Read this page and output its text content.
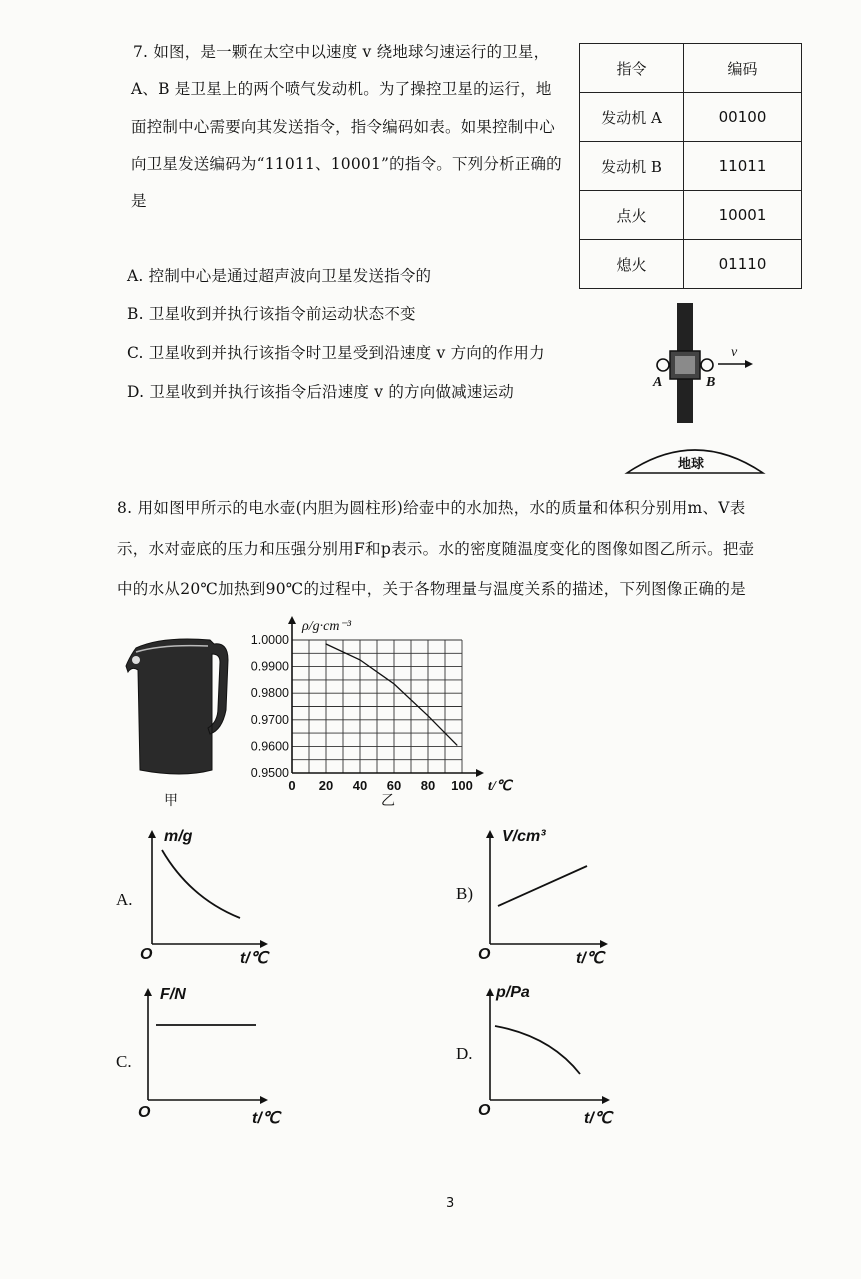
7. 如图，是一颗在太空中以速度 v 绕地球匀速运行的卫星，
A、B 是卫星上的两个喷气发动机。为了操控卫星的运行，地
面控制中心需要向其发送指令，指令编码如表。如果控制中心
向卫星发送编码为“11011、10001”的指令。下列分析正确的
是
A. 控制中心是通过超声波向卫星发送指令的
B. 卫星收到并执行该指令前运动状态不变
C. 卫星收到并执行该指令时卫星受到沿速度 v 方向的作用力
D. 卫星收到并执行该指令后沿速度 v 的方向做减速运动
指令	编码
发动机 A	00100
发动机 B	11011
点火	10001
熄火	01110
A	B
v
地球
8. 用如图甲所示的电水壶(内胆为圆柱形)给壶中的水加热，水的质量和体积分别用m、V表
示，水对壶底的压力和压强分别用F和p表示。水的密度随温度变化的图像如图乙所示。把壶
中的水从20℃加热到90℃的过程中，关于各物理量与温度关系的描述，下列图像正确的是
甲
0 20 40 60 80 100
0.9500
0.9600
0.9700
0.9800
0.9900
1.0000
ρ/g·cm⁻³
t/℃
乙
A.
m/g
t/℃
O
B)
V/cm³
t/℃
O
C.
F/N
t/℃
O
D.
p/Pa
t/℃
O
3
